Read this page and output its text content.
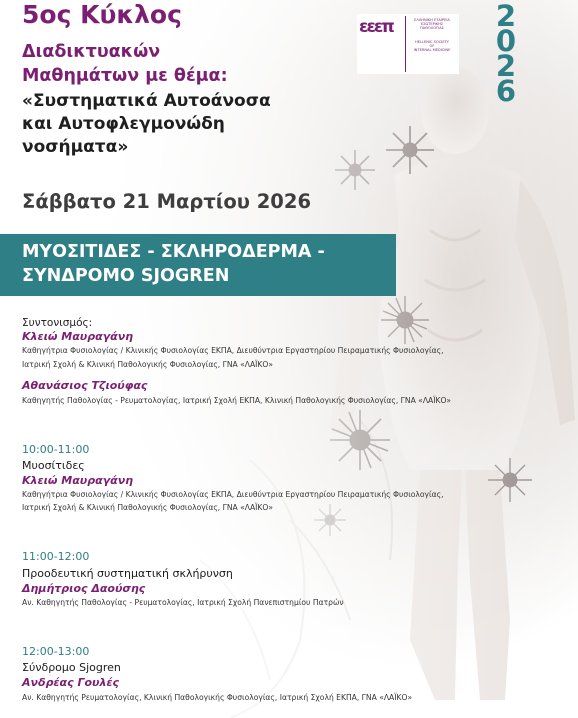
5ος Κύκλος
Διαδικτυακών
Μαθημάτων με θέμα:
«Συστηματικά Αυτοάνοσα
και Αυτοφλεγμονώδη
νοσήματα»
Σάββατο 21 Μαρτίου 2026
εεεπ	ΕΛΛΗΝΙΚΗ ΕΤΑΙΡΕΙΑ
ΕΣΩΤΕΡΙΚΗΣ
ΠΑΘΟΛΟΓΙΑΣ
HELLENIC SOCIETY
OF
INTERNAL MEDICINE
2
0
2
6
ΜΥΟΣΙΤΙΔΕΣ - ΣΚΛΗΡΟΔΕΡΜΑ -
ΣΥΝΔΡΟΜΟ SJOGREN
Συντονισμός:
Κλειώ Μαυραγάνη
Καθηγήτρια Φυσιολογίας / Κλινικής Φυσιολογίας ΕΚΠΑ, Διευθύντρια Εργαστηρίου Πειραματικής Φυσιολογίας,
Ιατρική Σχολή & Κλινική Παθολογικής Φυσιολογίας, ΓΝΑ «ΛΑΪΚΟ»
Αθανάσιος Τζιούφας
Καθηγητής Παθολογίας - Ρευματολογίας, Ιατρική Σχολή ΕΚΠΑ, Κλινική Παθολογικής Φυσιολογίας, ΓΝΑ «ΛΑΪΚΟ»
10:00-11:00
Μυοσίτιδες
Κλειώ Μαυραγάνη
Καθηγήτρια Φυσιολογίας / Κλινικής Φυσιολογίας ΕΚΠΑ, Διευθύντρια Εργαστηρίου Πειραματικής Φυσιολογίας,
Ιατρική Σχολή & Κλινική Παθολογικής Φυσιολογίας, ΓΝΑ «ΛΑΪΚΟ»
11:00-12:00
Προοδευτική συστηματική σκλήρυνση
Δημήτριος Δαούσης
Αν. Καθηγητής Παθολογίας - Ρευματολογίας, Ιατρική Σχολή Πανεπιστημίου Πατρών
12:00-13:00
Σύνδρομο Sjogren
Ανδρέας Γουλές
Αν. Καθηγητής Ρευματολογίας, Κλινική Παθολογικής Φυσιολογίας, Ιατρική Σχολή ΕΚΠΑ, ΓΝΑ «ΛΑΪΚΟ»
